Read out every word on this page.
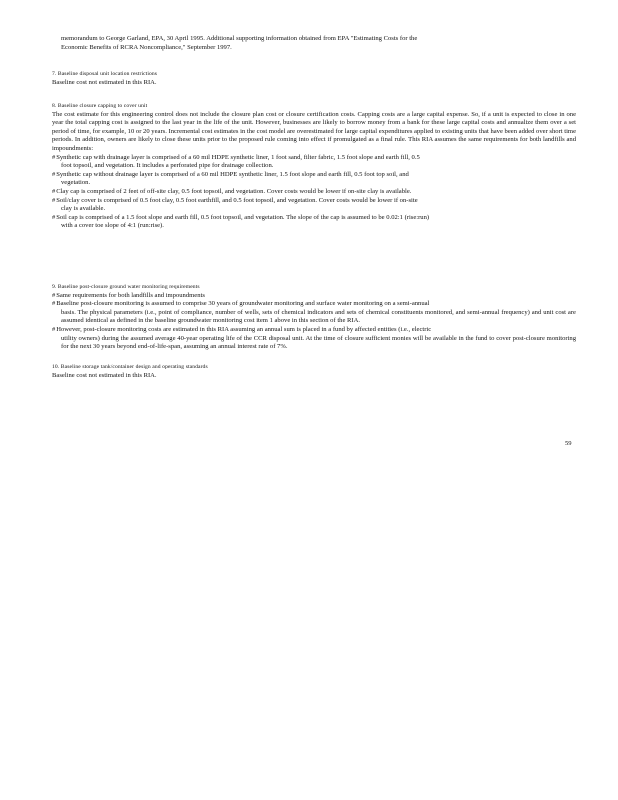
memorandum to George Garland, EPA, 30 April 1995. Additional supporting information obtained from EPA "Estimating Costs for the

Economic Benefits of RCRA Noncompliance," September 1997.

7. Baseline disposal unit location restrictions

Baseline cost not estimated in this RIA.

8. Baseline closure capping to cover unit

The cost estimate for this engineering control does not include the closure plan cost or closure certification costs. Capping costs are a large capital expense. So, if a unit is expected to close in one year the total capping cost is assigned to the last year in the life of the unit. However, businesses are likely to borrow money from a bank for these large capital costs and annualize them over a set period of time, for example, 10 or 20 years. Incremental cost estimates in the cost model are overestimated for large capital expenditures applied to existing units that have been added over short time periods. In addition, owners are likely to close these units prior to the proposed rule coming into effect if promulgated as a final rule. This RIA assumes the same requirements for both landfills and impoundments:

#Synthetic cap with drainage layer is comprised of a 60 mil HDPE synthetic liner, 1 foot sand, filter fabric, 1.5 foot slope and earth fill, 0.5

foot topsoil, and vegetation. It includes a perforated pipe for drainage collection.

#Synthetic cap without drainage layer is comprised of a 60 mil HDPE synthetic liner, 1.5 foot slope and earth fill, 0.5 foot top soil, and

vegetation.

#Clay cap is comprised of 2 feet of off-site clay, 0.5 foot topsoil, and vegetation. Cover costs would be lower if on-site clay is available.

#Soil/clay cover is comprised of 0.5 foot clay, 0.5 foot earthfill, and 0.5 foot topsoil, and vegetation. Cover costs would be lower if on-site

clay is available.

#Soil cap is comprised of a 1.5 foot slope and earth fill, 0.5 foot topsoil, and vegetation. The slope of the cap is assumed to be 0.02:1 (rise:run)

with a cover toe slope of 4:1 (run:rise).

9. Baseline post-closure ground water monitoring requirements

#Same requirements for both landfills and impoundments

#Baseline post-closure monitoring is assumed to comprise 30 years of groundwater monitoring and surface water monitoring on a semi-annual

basis. The physical parameters (i.e., point of compliance, number of wells, sets of chemical indicators and sets of chemical constituents monitored, and semi-annual frequency) and unit cost are assumed identical as defined in the baseline groundwater monitoring cost item 1 above in this section of the RIA.

#However, post-closure monitoring costs are estimated in this RIA assuming an annual sum is placed in a fund by affected entities (i.e., electric

utility owners) during the assumed average 40-year operating life of the CCR disposal unit. At the time of closure sufficient monies will be available in the fund to cover post-closure monitoring for the next 30 years beyond end-of-life-span, assuming an annual interest rate of 7%.

10. Baseline storage tank/container design and operating standards

Baseline cost not estimated in this RIA.

59
